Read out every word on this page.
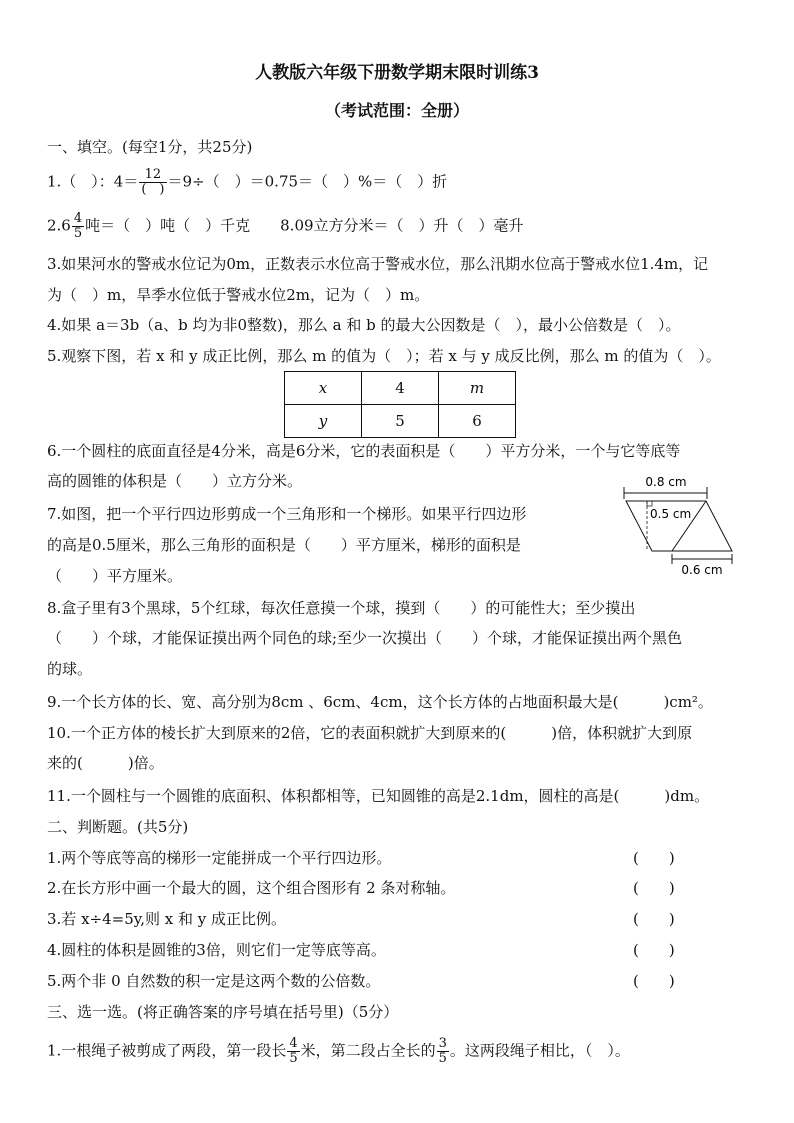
人教版六年级下册数学期末限时训练3
（考试范围：全册）
一、填空。(每空1分，共25分)
1.（　）：$4= \frac{12}{( )} =9\div$（　）＝0.75＝（　）%＝（　）折
$2.6 \frac{4}{5}$ 吨＝（　）吨（　）千克　　8.09立方分米＝（　）升（　）毫升
3.如果河水的警戒水位记为0m，正数表示水位高于警戒水位，那么汛期水位高于警戒水位1.4m，记
为（　）m，旱季水位低于警戒水位2m，记为（　）m。
4.如果 a＝3b（a、b 均为非0整数)，那么 a 和 b 的最大公因数是（　），最小公倍数是（　）。
5.观察下图，若 x 和 y 成正比例，那么 m 的值为（　）；若 x 与 y 成反比例，那么 m 的值为（　）。
x	4	m
y	5	6
6.一个圆柱的底面直径是4分米，高是6分米，它的表面积是（　　）平方分米，一个与它等底等
高的圆锥的体积是（　　）立方分米。
7.如图，把一个平行四边形剪成一个三角形和一个梯形。如果平行四边形
的高是0.5厘米，那么三角形的面积是（　　）平方厘米，梯形的面积是
（　　）平方厘米。
0.8 cm
0.5 cm
0.6 cm
8.盒子里有3个黑球，5个红球，每次任意摸一个球，摸到（　　）的可能性大；至少摸出
（　　）个球，才能保证摸出两个同色的球;至少一次摸出（　　）个球，才能保证摸出两个黑色
的球。
9.一个长方体的长、宽、高分别为8cm 、6cm、4cm，这个长方体的占地面积最大是(　　　)cm²。
10.一个正方体的棱长扩大到原来的2倍，它的表面积就扩大到原来的(　　　)倍，体积就扩大到原
来的(　　　)倍。
11.一个圆柱与一个圆锥的底面积、体积都相等，已知圆锥的高是2.1dm，圆柱的高是(　　　)dm。
二、判断题。(共5分)
1.两个等底等高的梯形一定能拼成一个平行四边形。	(　　)
2.在长方形中画一个最大的圆，这个组合图形有 2 条对称轴。	(　　)
3.若 x÷4=5y,则 x 和 y 成正比例。	(　　)
4.圆柱的体积是圆锥的3倍，则它们一定等底等高。	(　　)
5.两个非 0 自然数的积一定是这两个数的公倍数。	(　　)
三、选一选。(将正确答案的序号填在括号里)（5分）
1.一根绳子被剪成了两段，第一段长 $\frac{4}{5}$ 米，第二段占全长的 $\frac{3}{5}$ 。这两段绳子相比，（　）。
